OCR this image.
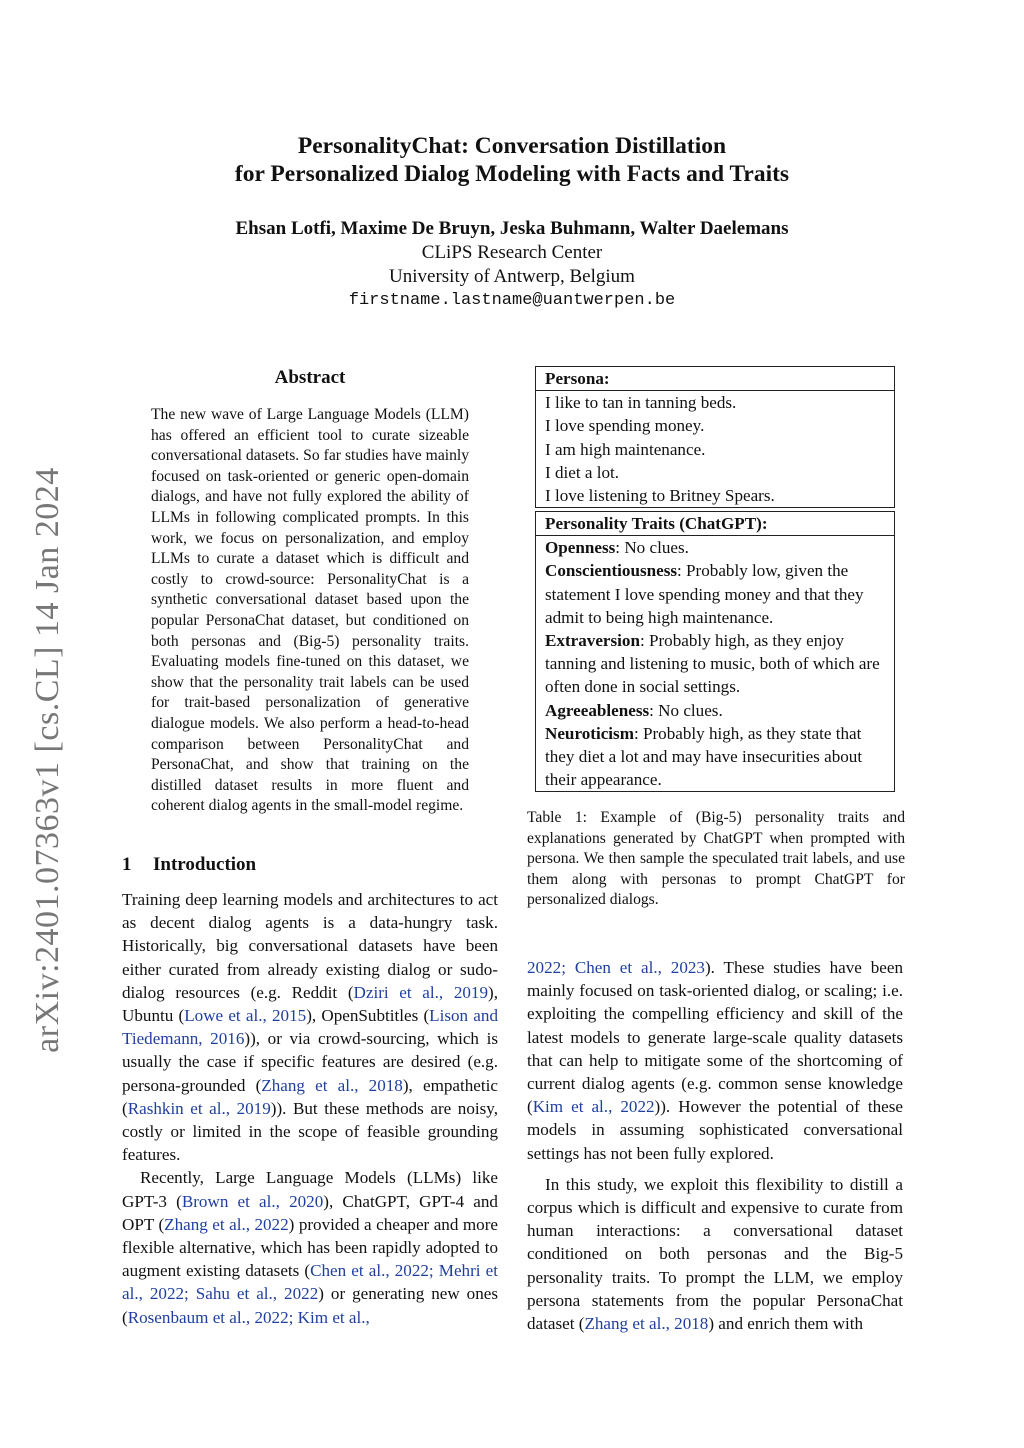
PersonalityChat: Conversation Distillation
for Personalized Dialog Modeling with Facts and Traits
Ehsan Lotfi, Maxime De Bruyn, Jeska Buhmann, Walter Daelemans
CLiPS Research Center
University of Antwerp, Belgium
firstname.lastname@uantwerpen.be
arXiv:2401.07363v1 [cs.CL] 14 Jan 2024
Abstract
The new wave of Large Language Models (LLM) has offered an efficient tool to curate sizeable conversational datasets. So far studies have mainly focused on task-oriented or generic open-domain dialogs, and have not fully explored the ability of LLMs in following complicated prompts. In this work, we focus on personalization, and employ LLMs to curate a dataset which is difficult and costly to crowd-source: PersonalityChat is a synthetic conversational dataset based upon the popular PersonaChat dataset, but conditioned on both personas and (Big-5) personality traits. Evaluating models fine-tuned on this dataset, we show that the personality trait labels can be used for trait-based personalization of generative dialogue models. We also perform a head-to-head comparison between PersonalityChat and PersonaChat, and show that training on the distilled dataset results in more fluent and coherent dialog agents in the small-model regime.
1 Introduction

Training deep learning models and architectures to act as decent dialog agents is a data-hungry task. Historically, big conversational datasets have been either curated from already existing dialog or sudo-dialog resources (e.g. Reddit (Dziri et al., 2019), Ubuntu (Lowe et al., 2015), OpenSubtitles (Lison and Tiedemann, 2016)), or via crowd-sourcing, which is usually the case if specific features are desired (e.g. persona-grounded (Zhang et al., 2018), empathetic (Rashkin et al., 2019)). But these methods are noisy, costly or limited in the scope of feasible grounding features.

Recently, Large Language Models (LLMs) like GPT-3 (Brown et al., 2020), ChatGPT, GPT-4 and OPT (Zhang et al., 2022) provided a cheaper and more flexible alternative, which has been rapidly adopted to augment existing datasets (Chen et al., 2022; Mehri et al., 2022; Sahu et al., 2022) or generating new ones (Rosenbaum et al., 2022; Kim et al.,

Persona:
I like to tan in tanning beds.
I love spending money.
I am high maintenance.
I diet a lot.
I love listening to Britney Spears.
Personality Traits (ChatGPT):
Openness: No clues.
Conscientiousness: Probably low, given the statement I love spending money and that they admit to being high maintenance.
Extraversion: Probably high, as they enjoy tanning and listening to music, both of which are often done in social settings.
Agreeableness: No clues.
Neuroticism: Probably high, as they state that they diet a lot and may have insecurities about their appearance.
Table 1: Example of (Big-5) personality traits and explanations generated by ChatGPT when prompted with persona. We then sample the speculated trait labels, and use them along with personas to prompt ChatGPT for personalized dialogs.

2022; Chen et al., 2023). These studies have been mainly focused on task-oriented dialog, or scaling; i.e. exploiting the compelling efficiency and skill of the latest models to generate large-scale quality datasets that can help to mitigate some of the shortcoming of current dialog agents (e.g. common sense knowledge (Kim et al., 2022)). However the potential of these models in assuming sophisticated conversational settings has not been fully explored.

In this study, we exploit this flexibility to distill a corpus which is difficult and expensive to curate from human interactions: a conversational dataset conditioned on both personas and the Big-5 personality traits. To prompt the LLM, we employ persona statements from the popular PersonaChat dataset (Zhang et al., 2018) and enrich them with
